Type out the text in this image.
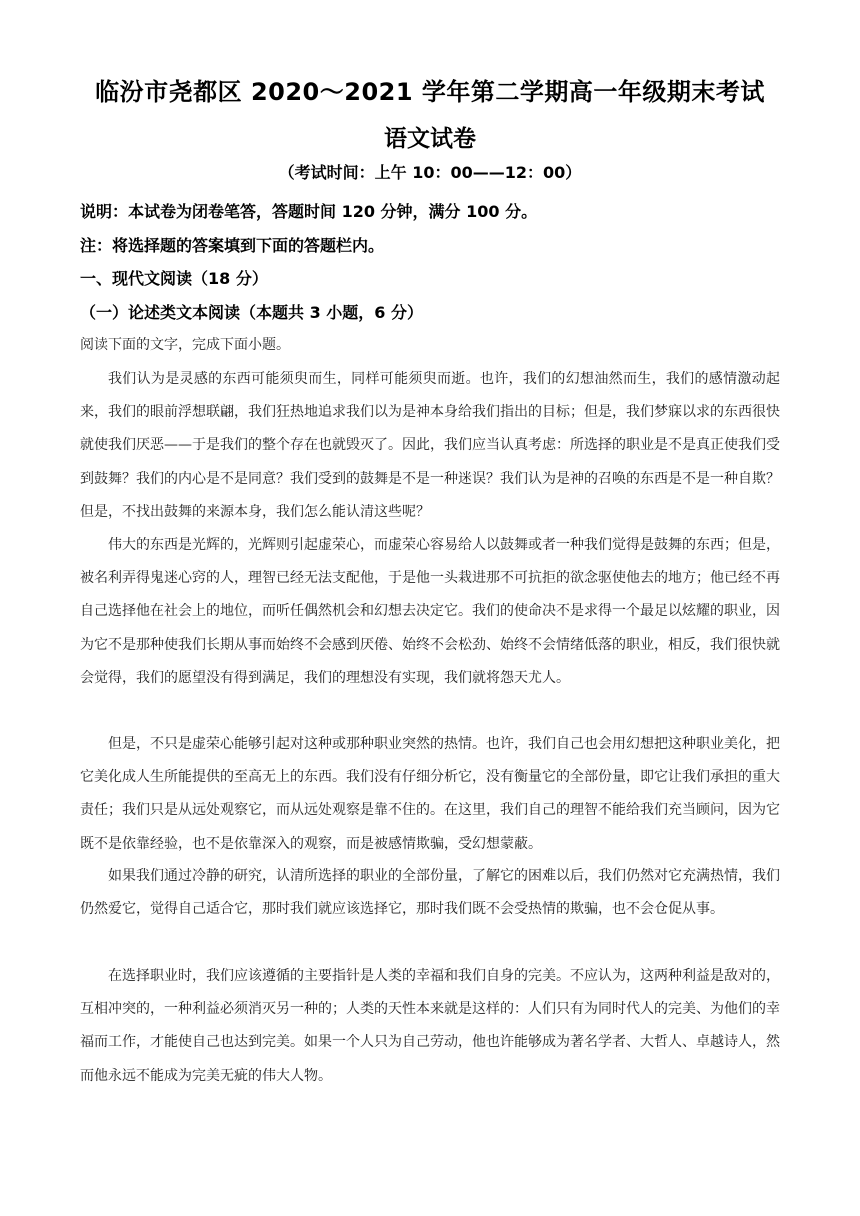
临汾市尧都区 2020～2021 学年第二学期高一年级期末考试
语文试卷
（考试时间：上午 10：00——12：00）
说明：本试卷为闭卷笔答，答题时间 120 分钟，满分 100 分。
注：将选择题的答案填到下面的答题栏内。
一、现代文阅读（18 分）
（一）论述类文本阅读（本题共 3 小题，6 分）
阅读下面的文字，完成下面小题。

我们认为是灵感的东西可能须臾而生，同样可能须臾而逝。也许，我们的幻想油然而生，我们的感情激动起来，我们的眼前浮想联翩，我们狂热地追求我们以为是神本身给我们指出的目标；但是，我们梦寐以求的东西很快就使我们厌恶——于是我们的整个存在也就毁灭了。因此，我们应当认真考虑：所选择的职业是不是真正使我们受到鼓舞？我们的内心是不是同意？我们受到的鼓舞是不是一种迷误？我们认为是神的召唤的东西是不是一种自欺？但是，不找出鼓舞的来源本身，我们怎么能认清这些呢？

伟大的东西是光辉的，光辉则引起虚荣心，而虚荣心容易给人以鼓舞或者一种我们觉得是鼓舞的东西；但是，被名利弄得鬼迷心窍的人，理智已经无法支配他，于是他一头栽进那不可抗拒的欲念驱使他去的地方；他已经不再自己选择他在社会上的地位，而听任偶然机会和幻想去决定它。我们的使命决不是求得一个最足以炫耀的职业，因为它不是那种使我们长期从事而始终不会感到厌倦、始终不会松劲、始终不会情绪低落的职业，相反，我们很快就会觉得，我们的愿望没有得到满足，我们的理想没有实现，我们就将怨天尤人。

但是，不只是虚荣心能够引起对这种或那种职业突然的热情。也许，我们自己也会用幻想把这种职业美化，把它美化成人生所能提供的至高无上的东西。我们没有仔细分析它，没有衡量它的全部份量，即它让我们承担的重大责任；我们只是从远处观察它，而从远处观察是靠不住的。在这里，我们自己的理智不能给我们充当顾问，因为它既不是依靠经验，也不是依靠深入的观察，而是被感情欺骗，受幻想蒙蔽。

如果我们通过冷静的研究，认清所选择的职业的全部份量，了解它的困难以后，我们仍然对它充满热情，我们仍然爱它，觉得自己适合它，那时我们就应该选择它，那时我们既不会受热情的欺骗，也不会仓促从事。

在选择职业时，我们应该遵循的主要指针是人类的幸福和我们自身的完美。不应认为，这两种利益是敌对的，互相冲突的，一种利益必须消灭另一种的；人类的天性本来就是这样的：人们只有为同时代人的完美、为他们的幸福而工作，才能使自己也达到完美。如果一个人只为自己劳动，他也许能够成为著名学者、大哲人、卓越诗人，然而他永远不能成为完美无疵的伟大人物。
